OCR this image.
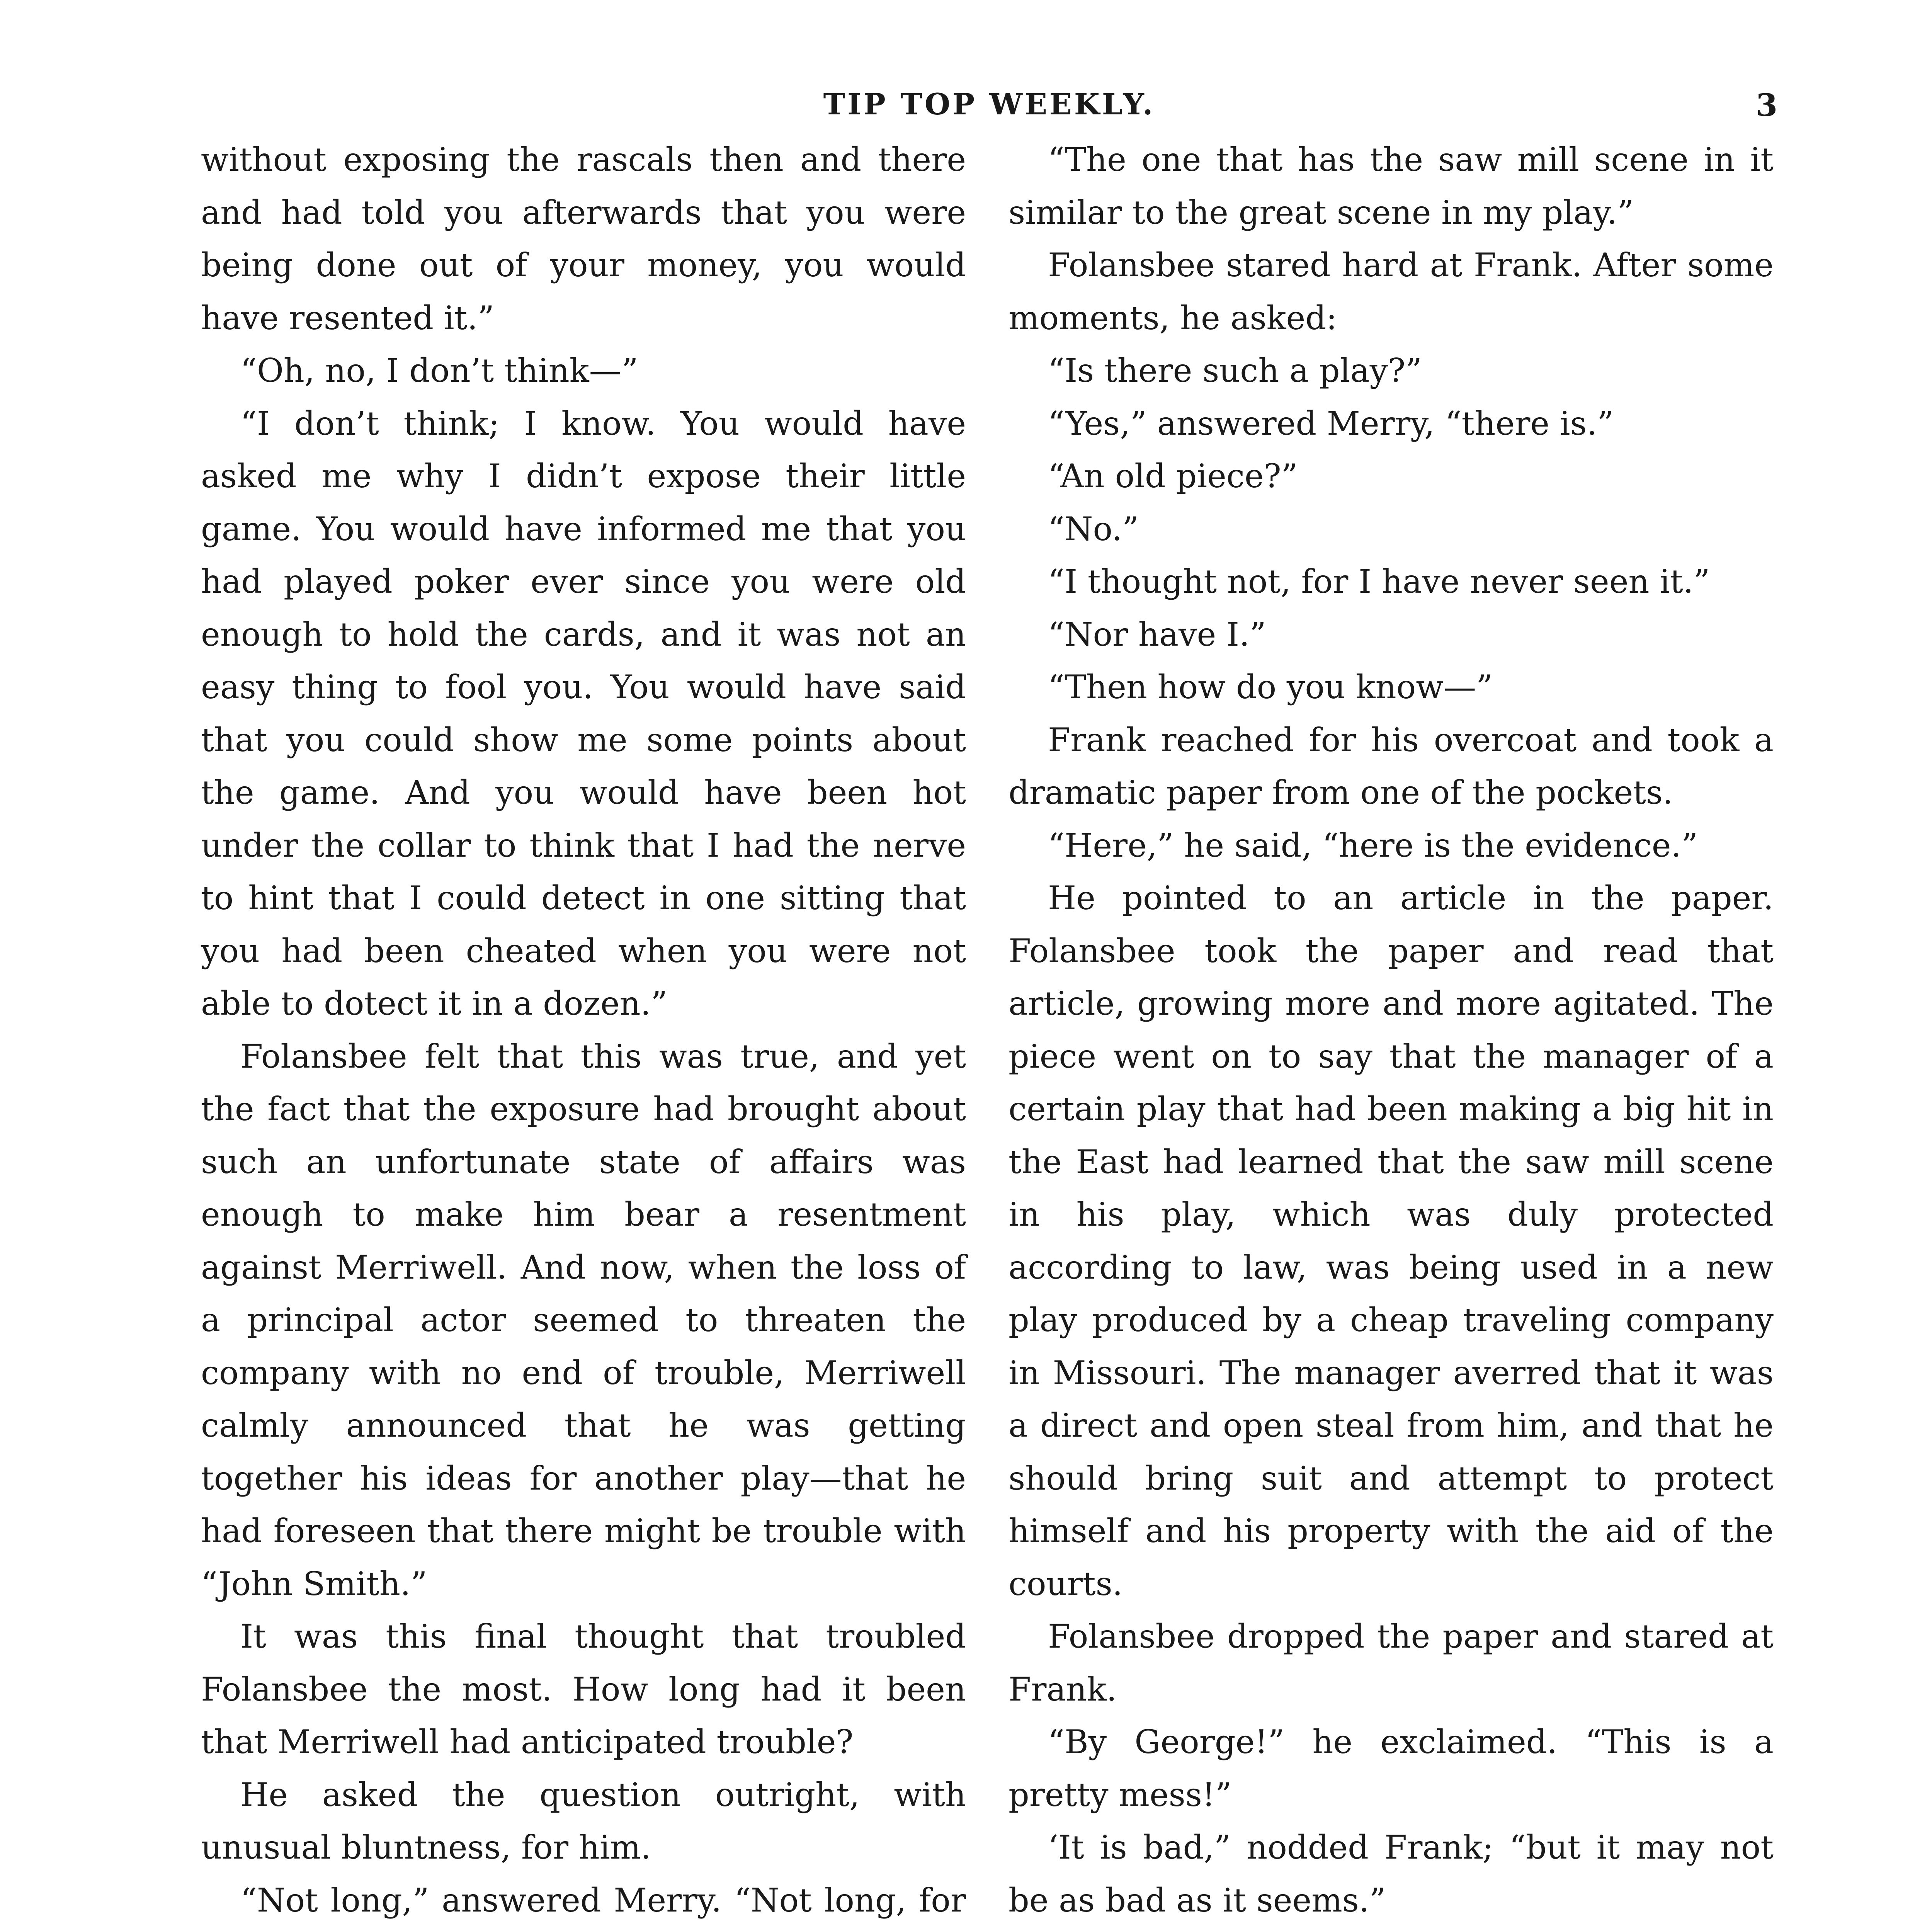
TIP TOP WEEKLY.	3

without exposing the rascals then and there and had told you afterwards that you were being done out of your money, you would have resented it.”

“Oh, no, I don’t think—”

“I don’t think; I know. You would have asked me why I didn’t expose their little game. You would have informed me that you had played poker ever since you were old enough to hold the cards, and it was not an easy thing to fool you. You would have said that you could show me some points about the game. And you would have been hot under the collar to think that I had the nerve to hint that I could detect in one sitting that you had been cheated when you were not able to dotect it in a dozen.”

Folansbee felt that this was true, and yet the fact that the exposure had brought about such an unfortunate state of affairs was enough to make him bear a resentment against Merriwell. And now, when the loss of a principal actor seemed to threaten the company with no end of trouble, Merriwell calmly announced that he was getting together his ideas for another play—that he had foreseen that there might be trouble with “John Smith.”

It was this final thought that troubled Folansbee the most. How long had it been that Merriwell had anticipated trouble?

He asked the question outright, with unusual bluntness, for him.

“Not long,” answered Merry. “Not long, for

“The one that has the saw mill scene in it similar to the great scene in my play.”

Folansbee stared hard at Frank. After some moments, he asked:

“Is there such a play?”

“Yes,” answered Merry, “there is.”

“An old piece?”

“No.”

“I thought not, for I have never seen it.”

“Nor have I.”

“Then how do you know—”

Frank reached for his overcoat and took a dramatic paper from one of the pockets.

“Here,” he said, “here is the evidence.”

He pointed to an article in the paper. Folansbee took the paper and read that article, growing more and more agitated. The piece went on to say that the manager of a certain play that had been making a big hit in the East had learned that the saw mill scene in his play, which was duly protected according to law, was being used in a new play produced by a cheap traveling company in Missouri. The manager averred that it was a direct and open steal from him, and that he should bring suit and attempt to protect himself and his property with the aid of the courts.

Folansbee dropped the paper and stared at Frank.

“By George!” he exclaimed. “This is a pretty mess!”

‘It is bad,” nodded Frank; “but it may not be as bad as it seems.”
